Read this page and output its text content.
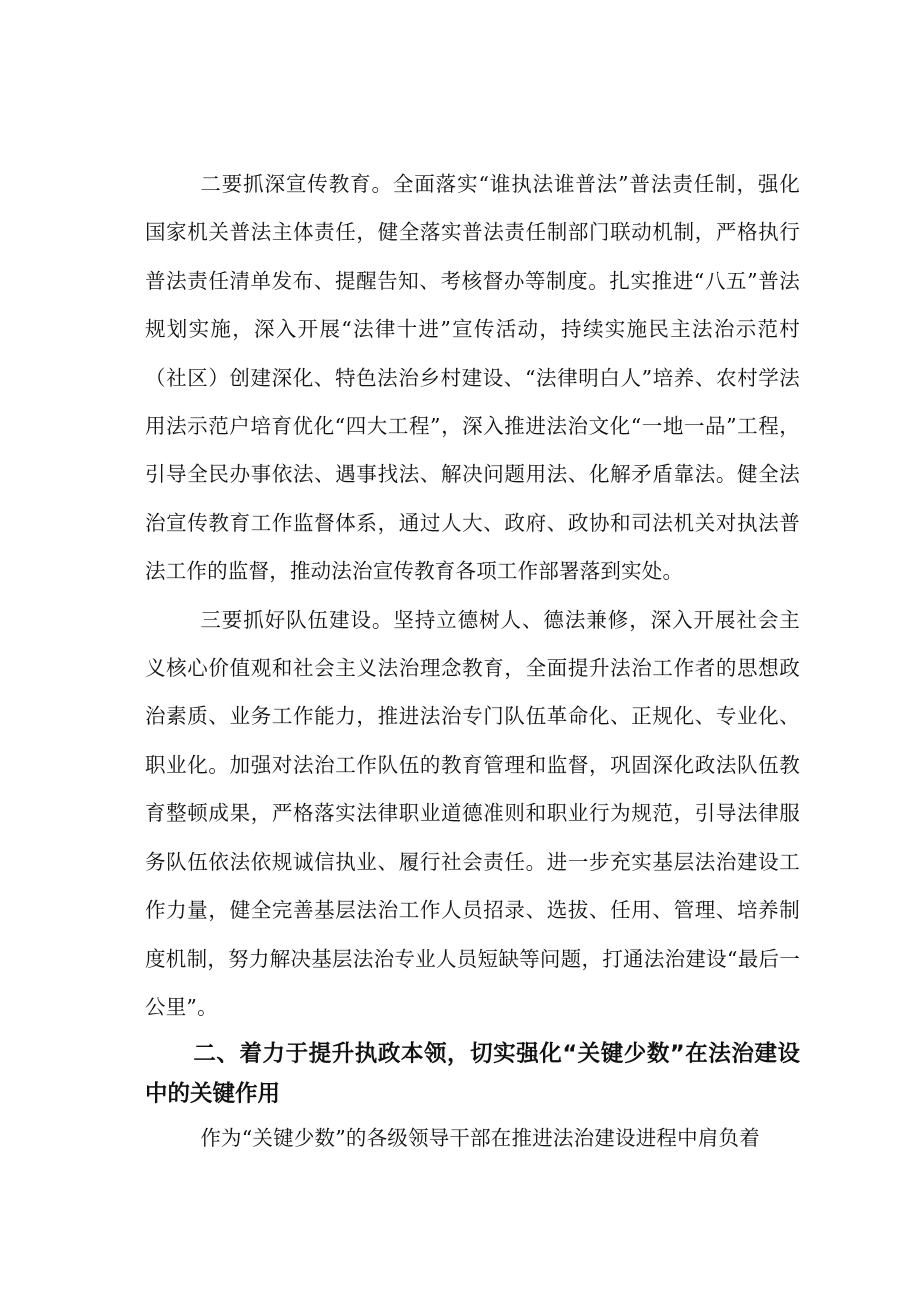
二要抓深宣传教育。全面落实“谁执法谁普法”普法责任制，强化国家机关普法主体责任，健全落实普法责任制部门联动机制，严格执行普法责任清单发布、提醒告知、考核督办等制度。扎实推进“八五”普法规划实施，深入开展“法律十进”宣传活动，持续实施民主法治示范村（社区）创建深化、特色法治乡村建设、“法律明白人”培养、农村学法用法示范户培育优化“四大工程”，深入推进法治文化“一地一品”工程，引导全民办事依法、遇事找法、解决问题用法、化解矛盾靠法。健全法治宣传教育工作监督体系，通过人大、政府、政协和司法机关对执法普法工作的监督，推动法治宣传教育各项工作部署落到实处。

三要抓好队伍建设。坚持立德树人、德法兼修，深入开展社会主义核心价值观和社会主义法治理念教育，全面提升法治工作者的思想政治素质、业务工作能力，推进法治专门队伍革命化、正规化、专业化、职业化。加强对法治工作队伍的教育管理和监督，巩固深化政法队伍教育整顿成果，严格落实法律职业道德准则和职业行为规范，引导法律服务队伍依法依规诚信执业、履行社会责任。进一步充实基层法治建设工作力量，健全完善基层法治工作人员招录、选拔、任用、管理、培养制度机制，努力解决基层法治专业人员短缺等问题，打通法治建设“最后一公里”。

二、着力于提升执政本领，切实强化“关键少数”在法治建设中的关键作用

作为“关键少数”的各级领导干部在推进法治建设进程中肩负着
